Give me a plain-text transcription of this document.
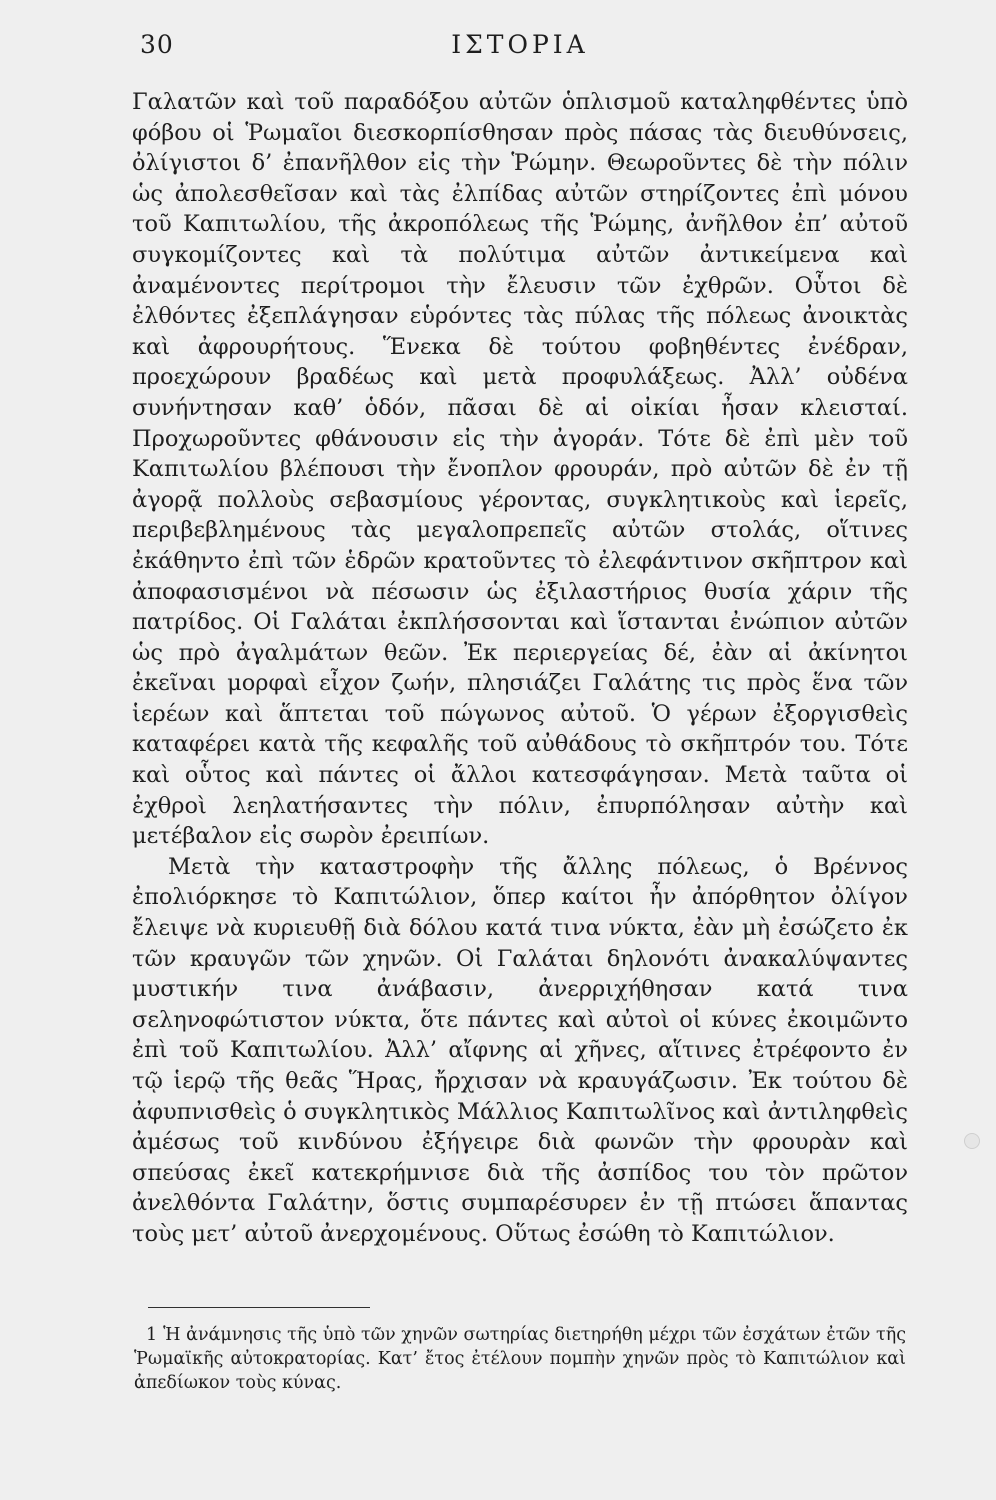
30	ΙΣΤΟΡΙΑ

Γαλατῶν καὶ τοῦ παραδόξου αὐτῶν ὁπλισμοῦ καταληφθέντες ὑπὸ φόβου οἱ Ῥωμαῖοι διεσκορπίσθησαν πρὸς πάσας τὰς διευθύνσεις, ὀλίγιστοι δ’ ἐπανῆλθον εἰς τὴν Ῥώμην. Θεωροῦντες δὲ τὴν πόλιν ὡς ἀπολεσθεῖσαν καὶ τὰς ἐλπίδας αὐτῶν στηρίζοντες ἐπὶ μόνου τοῦ Καπιτωλίου, τῆς ἀκροπόλεως τῆς Ῥώμης, ἀνῆλθον ἐπ’ αὐτοῦ συγκομίζοντες καὶ τὰ πολύτιμα αὐτῶν ἀντικείμενα καὶ ἀναμένοντες περίτρομοι τὴν ἔλευσιν τῶν ἐχθρῶν. Οὗτοι δὲ ἐλθόντες ἐξεπλάγησαν εὑρόντες τὰς πύλας τῆς πόλεως ἀνοικτὰς καὶ ἀφρουρήτους. Ἕνεκα δὲ τούτου φοβηθέντες ἐνέδραν, προεχώρουν βραδέως καὶ μετὰ προφυλάξεως. Ἀλλ’ οὐδένα συνήντησαν καθ’ ὁδόν, πᾶσαι δὲ αἱ οἰκίαι ἦσαν κλεισταί. Προχωροῦντες φθάνουσιν εἰς τὴν ἀγοράν. Τότε δὲ ἐπὶ μὲν τοῦ Καπιτωλίου βλέπουσι τὴν ἔνοπλον φρουράν, πρὸ αὐτῶν δὲ ἐν τῇ ἀγορᾷ πολλοὺς σεβασμίους γέροντας, συγκλητικοὺς καὶ ἱερεῖς, περιβεβλημένους τὰς μεγαλοπρεπεῖς αὐτῶν στολάς, οἵτινες ἐκάθηντο ἐπὶ τῶν ἑδρῶν κρατοῦντες τὸ ἐλεφάντινον σκῆπτρον καὶ ἀποφασισμένοι νὰ πέσωσιν ὡς ἐξιλαστήριος θυσία χάριν τῆς πατρίδος. Οἱ Γαλάται ἐκπλήσσονται καὶ ἵστανται ἐνώπιον αὐτῶν ὡς πρὸ ἀγαλμάτων θεῶν. Ἐκ περιεργείας δέ, ἐὰν αἱ ἀκίνητοι ἐκεῖναι μορφαὶ εἶχον ζωήν, πλησιάζει Γαλάτης τις πρὸς ἕνα τῶν ἱερέων καὶ ἅπτεται τοῦ πώγωνος αὐτοῦ. Ὁ γέρων ἐξοργισθεὶς καταφέρει κατὰ τῆς κεφαλῆς τοῦ αὐθάδους τὸ σκῆπτρόν του. Τότε καὶ οὗτος καὶ πάντες οἱ ἄλλοι κατεσφάγησαν. Μετὰ ταῦτα οἱ ἐχθροὶ λεηλατήσαντες τὴν πόλιν, ἐπυρπόλησαν αὐτὴν καὶ μετέβαλον εἰς σωρὸν ἐρειπίων.

Μετὰ τὴν καταστροφὴν τῆς ἄλλης πόλεως, ὁ Βρέννος ἐπολιόρκησε τὸ Καπιτώλιον, ὅπερ καίτοι ἦν ἀπόρθητον ὀλίγον ἔλειψε νὰ κυριευθῇ διὰ δόλου κατά τινα νύκτα, ἐὰν μὴ ἐσώζετο ἐκ τῶν κραυγῶν τῶν χηνῶν. Οἱ Γαλάται δηλονότι ἀνακαλύψαντες μυστικήν τινα ἀνάβασιν, ἀνερριχήθησαν κατά τινα σεληνοφώτιστον νύκτα, ὅτε πάντες καὶ αὐτοὶ οἱ κύνες ἐκοιμῶντο ἐπὶ τοῦ Καπιτωλίου. Ἀλλ’ αἴφνης αἱ χῆνες, αἵτινες ἐτρέφοντο ἐν τῷ ἱερῷ τῆς θεᾶς Ἥρας, ἤρχισαν νὰ κραυγάζωσιν. Ἐκ τούτου δὲ ἀφυπνισθεὶς ὁ συγκλητικὸς Μάλλιος Καπιτωλῖνος καὶ ἀντιληφθεὶς ἀμέσως τοῦ κινδύνου ἐξήγειρε διὰ φωνῶν τὴν φρουρὰν καὶ σπεύσας ἐκεῖ κατεκρήμνισε διὰ τῆς ἀσπίδος του τὸν πρῶτον ἀνελθόντα Γαλάτην, ὅστις συμπαρέσυρεν ἐν τῇ πτώσει ἅπαντας τοὺς μετ’ αὐτοῦ ἀνερχομένους. Οὕτως ἐσώθη τὸ Καπιτώλιον.

1 Ἡ ἀνάμνησις τῆς ὑπὸ τῶν χηνῶν σωτηρίας διετηρήθη μέχρι τῶν ἐσχάτων ἐτῶν τῆς Ῥωμαϊκῆς αὐτοκρατορίας. Κατ’ ἔτος ἐτέλουν πομπὴν χηνῶν πρὸς τὸ Καπιτώλιον καὶ ἀπεδίωκον τοὺς κύνας.
